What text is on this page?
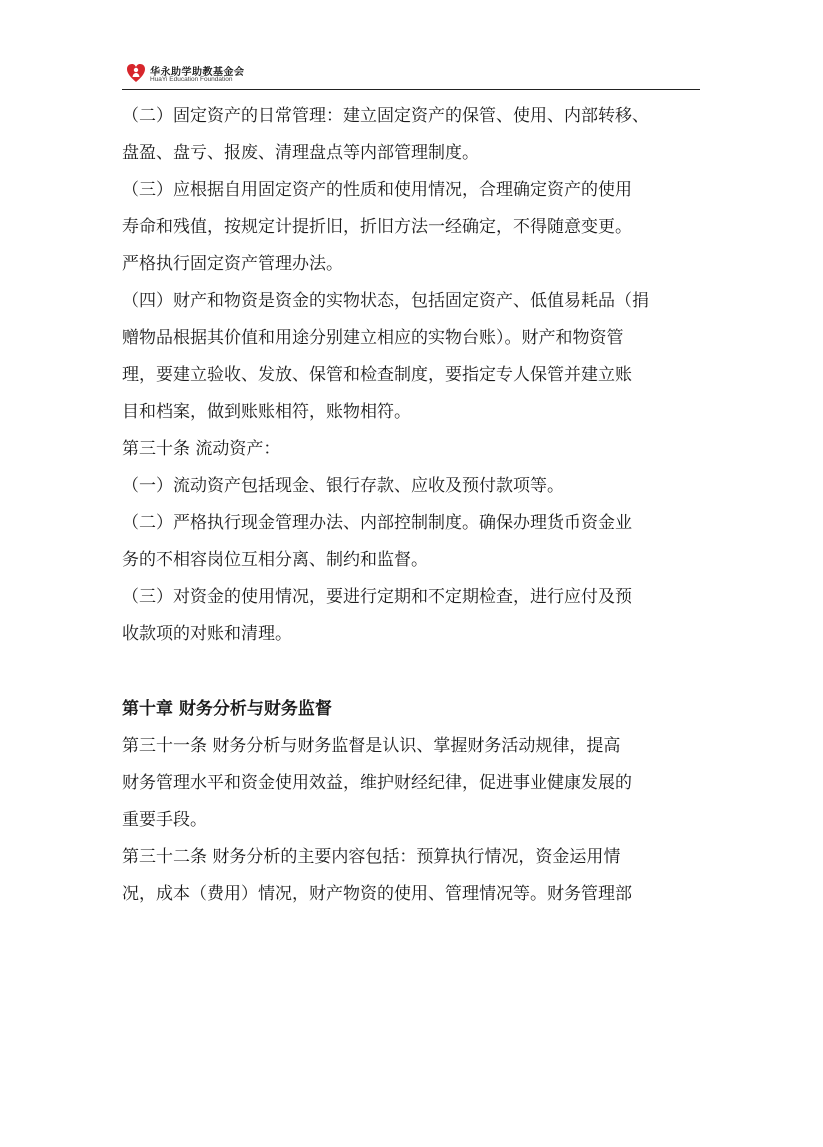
华永助学助教基金会
HuaYi Education Foundation

（二）固定资产的日常管理：建立固定资产的保管、使用、内部转移、
盘盈、盘亏、报废、清理盘点等内部管理制度。

（三）应根据自用固定资产的性质和使用情况，合理确定资产的使用
寿命和残值，按规定计提折旧，折旧方法一经确定，不得随意变更。
严格执行固定资产管理办法。

（四）财产和物资是资金的实物状态，包括固定资产、低值易耗品（捐
赠物品根据其价值和用途分别建立相应的实物台账）。财产和物资管
理，要建立验收、发放、保管和检查制度，要指定专人保管并建立账
目和档案，做到账账相符，账物相符。

第三十条 流动资产：

（一）流动资产包括现金、银行存款、应收及预付款项等。

（二）严格执行现金管理办法、内部控制制度。确保办理货币资金业
务的不相容岗位互相分离、制约和监督。

（三）对资金的使用情况，要进行定期和不定期检查，进行应付及预
收款项的对账和清理。

第十章 财务分析与财务监督

第三十一条 财务分析与财务监督是认识、掌握财务活动规律，提高
财务管理水平和资金使用效益，维护财经纪律，促进事业健康发展的
重要手段。

第三十二条 财务分析的主要内容包括：预算执行情况，资金运用情
况，成本（费用）情况，财产物资的使用、管理情况等。财务管理部
